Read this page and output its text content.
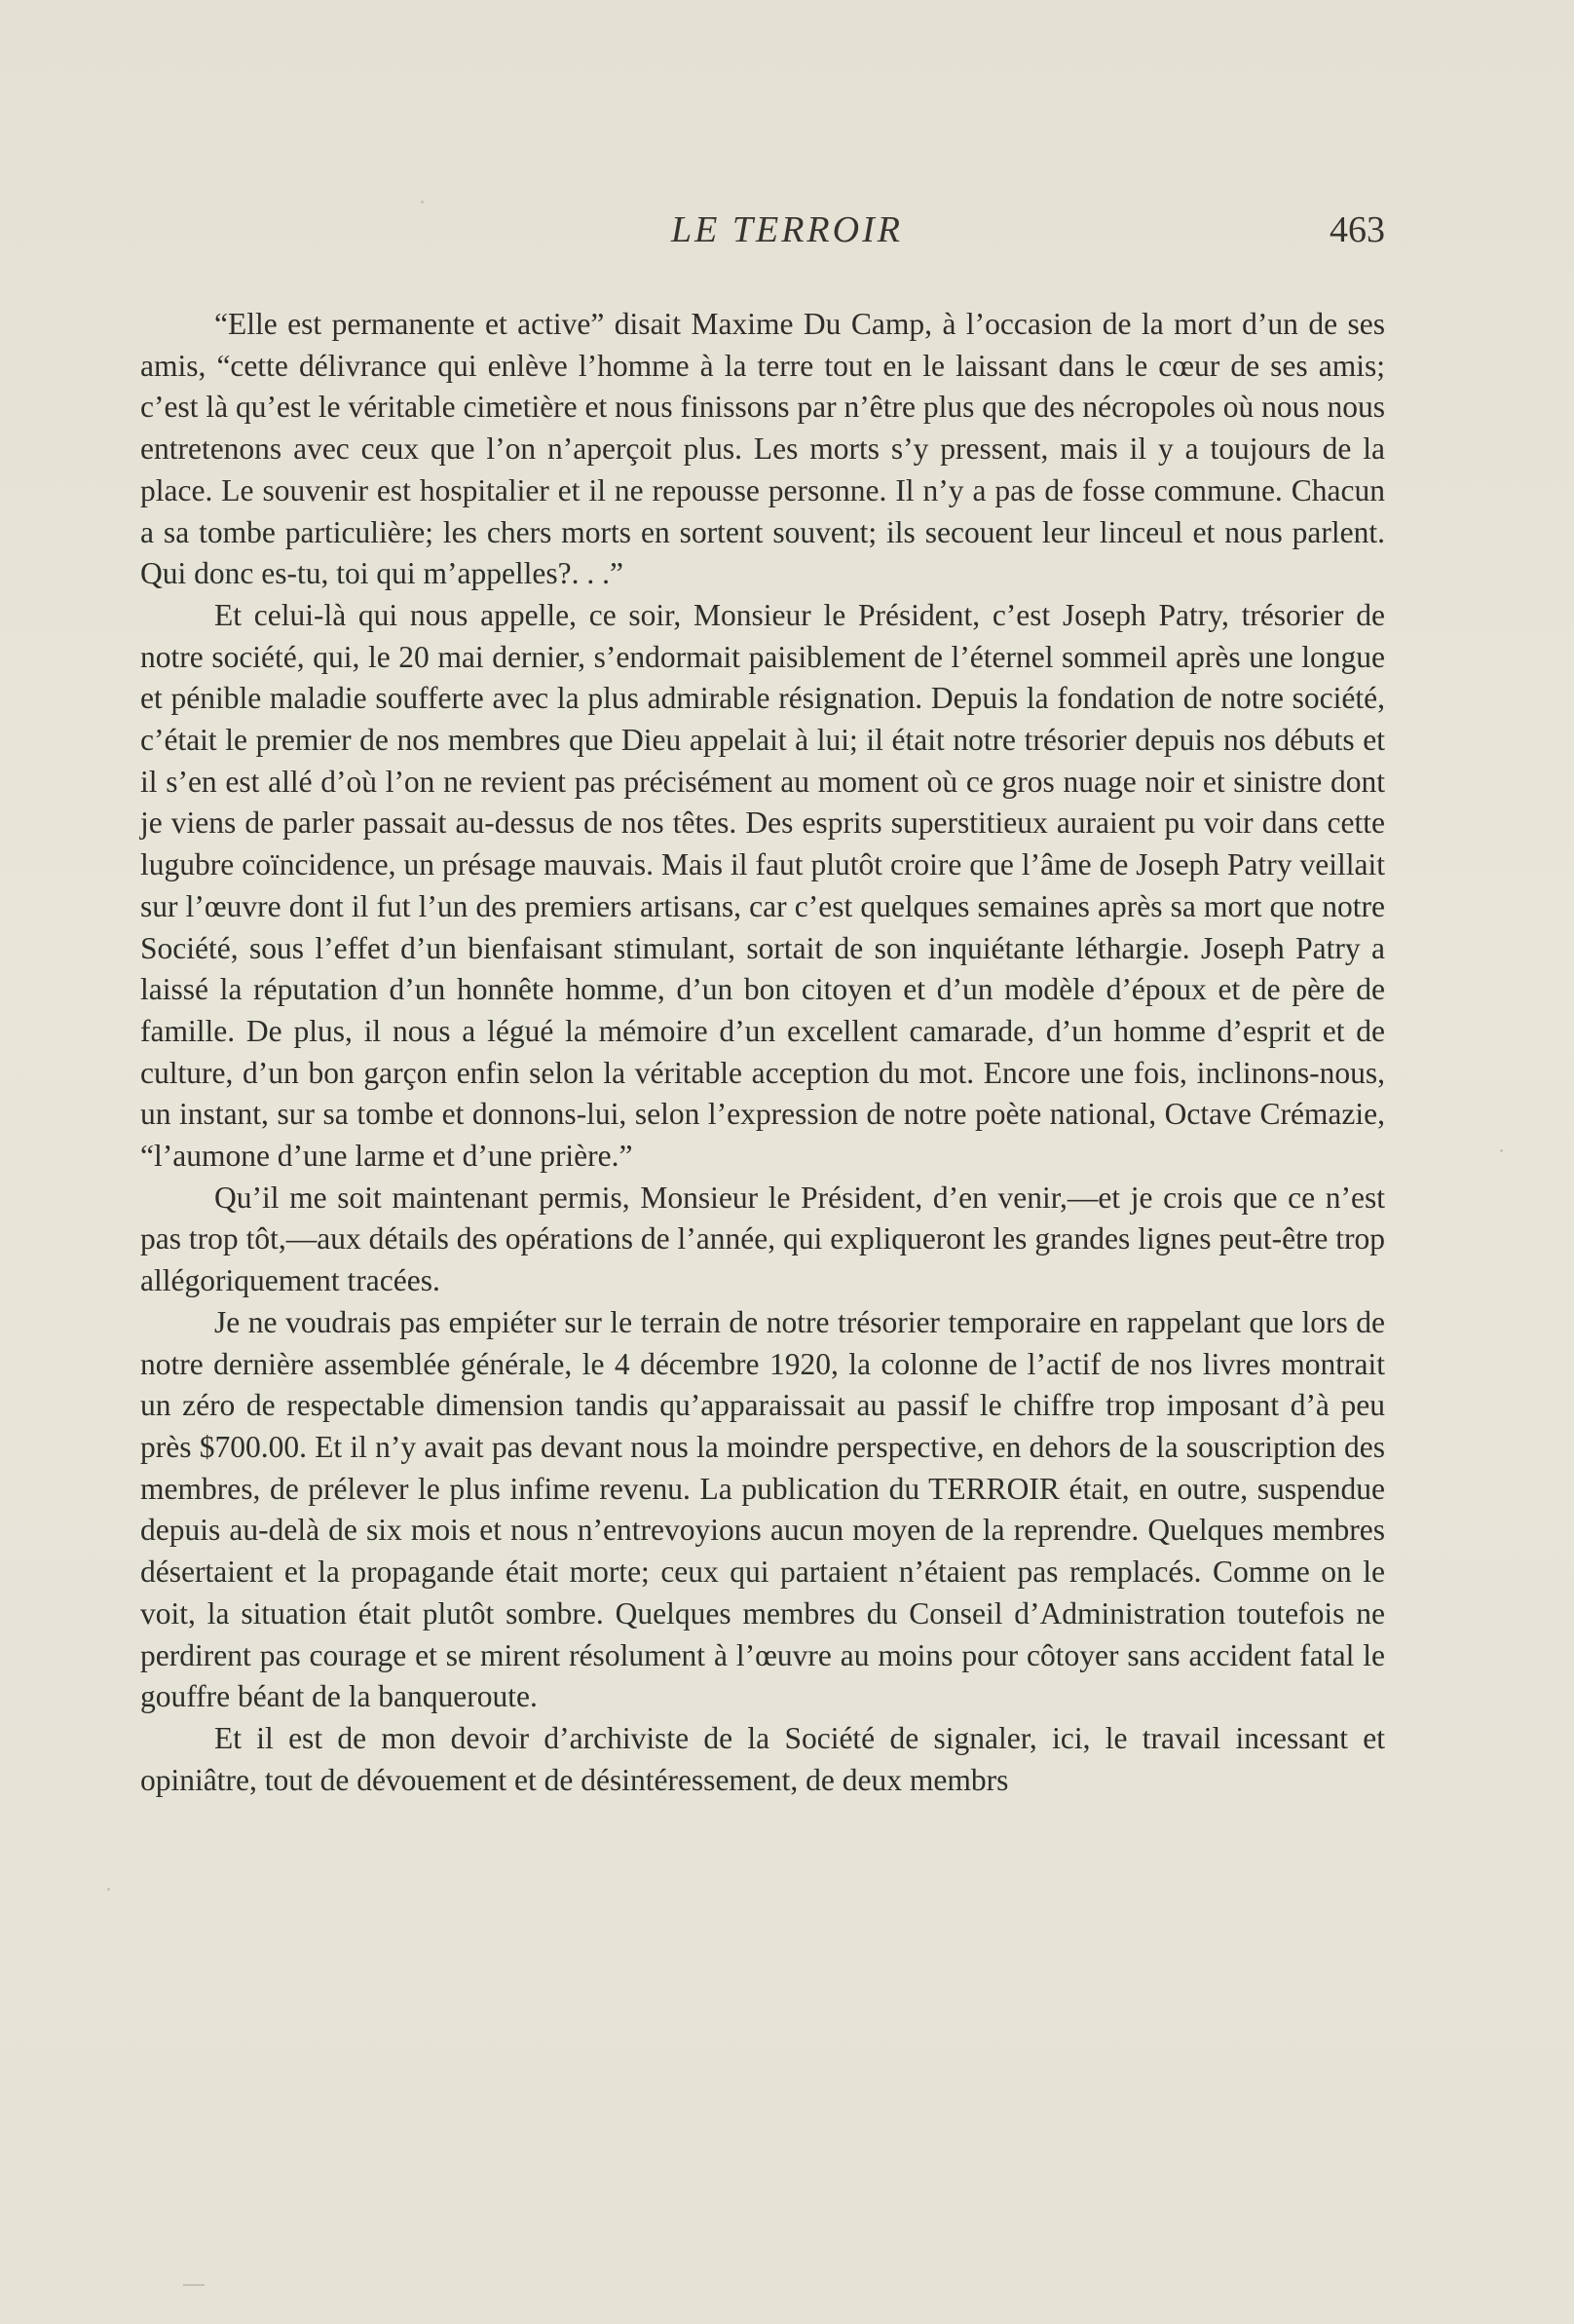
LE TERROIR	463

“Elle est permanente et active” disait Maxime Du Camp, à l’occasion de la mort d’un de ses amis, “cette délivrance qui enlève l’homme à la terre tout en le laissant dans le cœur de ses amis; c’est là qu’est le véritable cimetière et nous finissons par n’être plus que des nécropoles où nous nous entretenons avec ceux que l’on n’aperçoit plus. Les morts s’y pressent, mais il y a toujours de la place. Le souvenir est hospitalier et il ne repousse personne. Il n’y a pas de fosse commune. Chacun a sa tombe particulière; les chers morts en sortent souvent; ils secouent leur linceul et nous parlent. Qui donc es-tu, toi qui m’appelles?. . .”

Et celui-là qui nous appelle, ce soir, Monsieur le Président, c’est Joseph Patry, trésorier de notre société, qui, le 20 mai dernier, s’endormait paisiblement de l’éternel sommeil après une longue et pénible maladie soufferte avec la plus admirable résignation. Depuis la fondation de notre société, c’était le premier de nos membres que Dieu appelait à lui; il était notre trésorier depuis nos débuts et il s’en est allé d’où l’on ne revient pas précisément au moment où ce gros nuage noir et sinistre dont je viens de parler passait au-dessus de nos têtes. Des esprits superstitieux auraient pu voir dans cette lugubre coïncidence, un présage mauvais. Mais il faut plutôt croire que l’âme de Joseph Patry veillait sur l’œuvre dont il fut l’un des premiers artisans, car c’est quelques semaines après sa mort que notre Société, sous l’effet d’un bienfaisant stimulant, sortait de son inquiétante léthargie. Joseph Patry a laissé la réputation d’un honnête homme, d’un bon citoyen et d’un modèle d’époux et de père de famille. De plus, il nous a légué la mémoire d’un excellent camarade, d’un homme d’esprit et de culture, d’un bon garçon enfin selon la véritable acception du mot. Encore une fois, inclinons-nous, un instant, sur sa tombe et donnons-lui, selon l’expression de notre poète national, Octave Crémazie, “l’aumone d’une larme et d’une prière.”

Qu’il me soit maintenant permis, Monsieur le Président, d’en venir,—et je crois que ce n’est pas trop tôt,—aux détails des opérations de l’année, qui expliqueront les grandes lignes peut-être trop allégoriquement tracées.

Je ne voudrais pas empiéter sur le terrain de notre trésorier temporaire en rappelant que lors de notre dernière assemblée générale, le 4 décembre 1920, la colonne de l’actif de nos livres montrait un zéro de respectable dimension tandis qu’apparaissait au passif le chiffre trop imposant d’à peu près $700.00. Et il n’y avait pas devant nous la moindre perspective, en dehors de la souscription des membres, de prélever le plus infime revenu. La publication du TERROIR était, en outre, suspendue depuis au-delà de six mois et nous n’entrevoyions aucun moyen de la reprendre. Quelques membres désertaient et la propagande était morte; ceux qui partaient n’étaient pas remplacés. Comme on le voit, la situation était plutôt sombre. Quelques membres du Conseil d’Administration toutefois ne perdirent pas courage et se mirent résolument à l’œuvre au moins pour côtoyer sans accident fatal le gouffre béant de la banqueroute.

Et il est de mon devoir d’archiviste de la Société de signaler, ici, le travail incessant et opiniâtre, tout de dévouement et de désintéressement, de deux membrs
